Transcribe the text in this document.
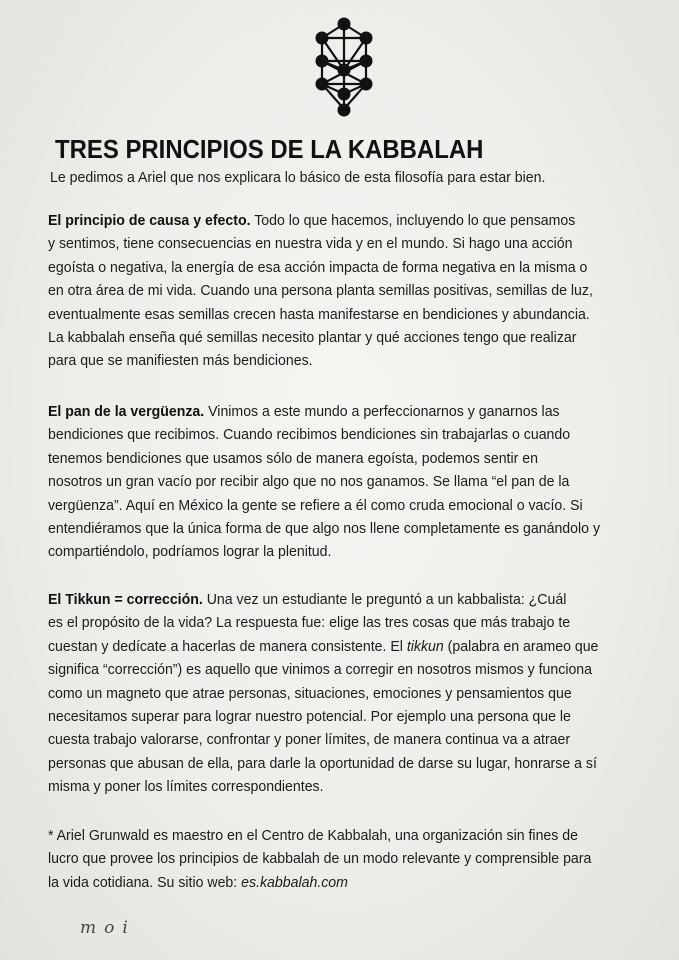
TRES PRINCIPIOS DE LA KABBALAH

Le pedimos a Ariel que nos explicara lo básico de esta filosofía para estar bien.

El principio de causa y efecto. Todo lo que hacemos, incluyendo lo que pensamos
y sentimos, tiene consecuencias en nuestra vida y en el mundo. Si hago una acción
egoísta o negativa, la energía de esa acción impacta de forma negativa en la misma o
en otra área de mi vida. Cuando una persona planta semillas positivas, semillas de luz,
eventualmente esas semillas crecen hasta manifestarse en bendiciones y abundancia.
La kabbalah enseña qué semillas necesito plantar y qué acciones tengo que realizar
para que se manifiesten más bendiciones.

El pan de la vergüenza. Vinimos a este mundo a perfeccionarnos y ganarnos las
bendiciones que recibimos. Cuando recibimos bendiciones sin trabajarlas o cuando
tenemos bendiciones que usamos sólo de manera egoísta, podemos sentir en
nosotros un gran vacío por recibir algo que no nos ganamos. Se llama “el pan de la
vergüenza”. Aquí en México la gente se refiere a él como cruda emocional o vacío. Si
entendiéramos que la única forma de que algo nos llene completamente es ganándolo y
compartiéndolo, podríamos lograr la plenitud.

El Tikkun = corrección. Una vez un estudiante le preguntó a un kabbalista: ¿Cuál
es el propósito de la vida? La respuesta fue: elige las tres cosas que más trabajo te
cuestan y dedícate a hacerlas de manera consistente. El tikkun (palabra en arameo que
significa “corrección”) es aquello que vinimos a corregir en nosotros mismos y funciona
como un magneto que atrae personas, situaciones, emociones y pensamientos que
necesitamos superar para lograr nuestro potencial. Por ejemplo una persona que le
cuesta trabajo valorarse, confrontar y poner límites, de manera continua va a atraer
personas que abusan de ella, para darle la oportunidad de darse su lugar, honrarse a sí
misma y poner los límites correspondientes.

* Ariel Grunwald es maestro en el Centro de Kabbalah, una organización sin fines de
lucro que provee los principios de kabbalah de un modo relevante y comprensible para
la vida cotidiana. Su sitio web: es.kabbalah.com

moi
